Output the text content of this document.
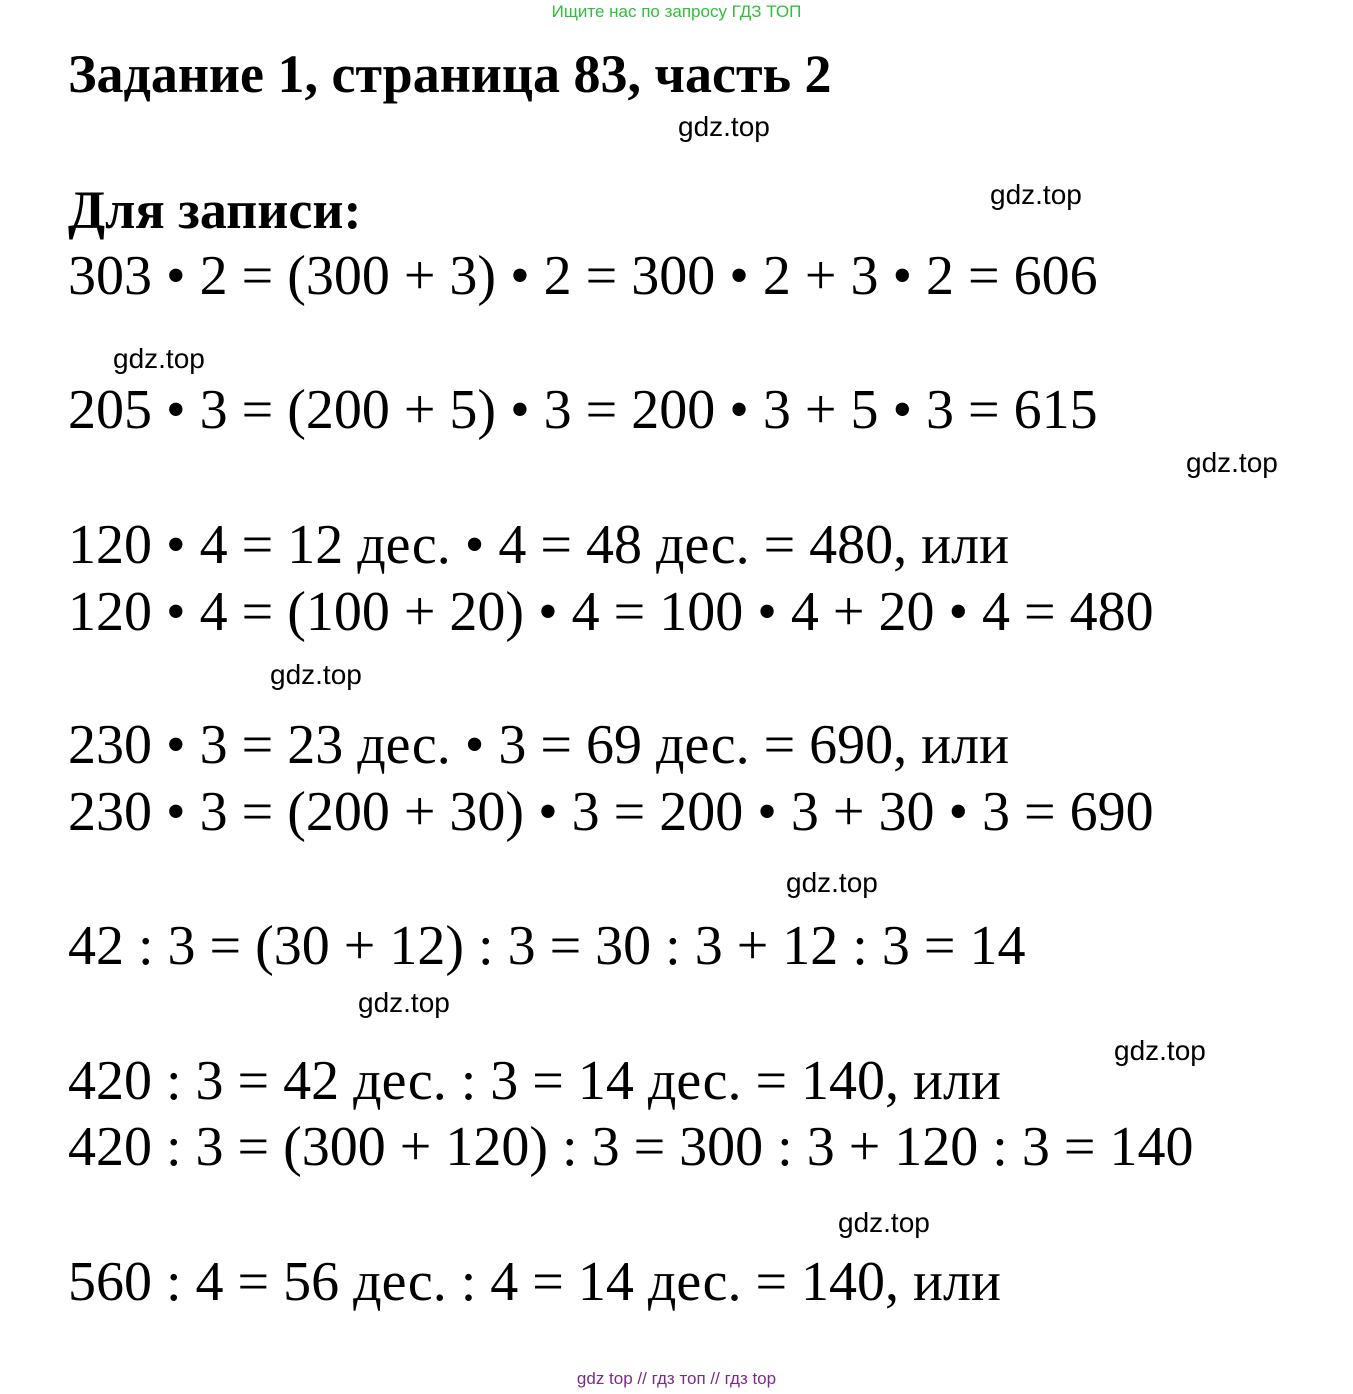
Ищите нас по запросу ГДЗ ТОП
Задание 1, страница 83, часть 2
gdz.top
Для записи:	gdz.top
303 • 2 = (300 + 3) • 2 = 300 • 2 + 3 • 2 = 606
gdz.top
205 • 3 = (200 + 5) • 3 = 200 • 3 + 5 • 3 = 615
gdz.top
120 • 4 = 12 дес. • 4 = 48 дес. = 480, или
120 • 4 = (100 + 20) • 4 = 100 • 4 + 20 • 4 = 480
gdz.top
230 • 3 = 23 дес. • 3 = 69 дес. = 690, или
230 • 3 = (200 + 30) • 3 = 200 • 3 + 30 • 3 = 690
gdz.top
42 : 3 = (30 + 12) : 3 = 30 : 3 + 12 : 3 = 14
gdz.top
gdz.top
420 : 3 = 42 дес. : 3 = 14 дес. = 140, или
420 : 3 = (300 + 120) : 3 = 300 : 3 + 120 : 3 = 140
gdz.top
560 : 4 = 56 дес. : 4 = 14 дес. = 140, или
gdz top // гдз топ // гдз top
